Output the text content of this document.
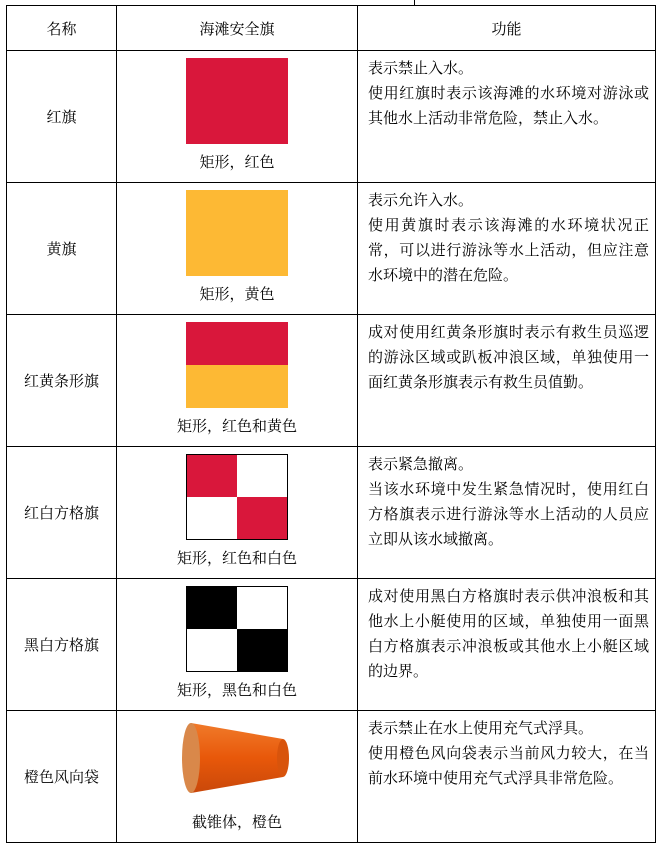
名称	海滩安全旗	功能
红旗	矩形，红色	表示禁止入水。

使用红旗时表示该海滩的水环境对游泳或其他水上活动非常危险，禁止入水。

黄旗	矩形，黄色	表示允许入水。

使用黄旗时表示该海滩的水环境状况正常，可以进行游泳等水上活动，但应注意水环境中的潜在危险。

红黄条形旗	矩形，红色和黄色	成对使用红黄条形旗时表示有救生员巡逻的游泳区域或趴板冲浪区域，单独使用一面红黄条形旗表示有救生员值勤。

红白方格旗	矩形，红色和白色	表示紧急撤离。

当该水环境中发生紧急情况时，使用红白方格旗表示进行游泳等水上活动的人员应立即从该水域撤离。

黑白方格旗	矩形，黑色和白色	成对使用黑白方格旗时表示供冲浪板和其他水上小艇使用的区域，单独使用一面黑白方格旗表示冲浪板或其他水上小艇区域的边界。

橙色风向袋	截锥体，橙色	表示禁止在水上使用充气式浮具。

使用橙色风向袋表示当前风力较大，在当前水环境中使用充气式浮具非常危险。
